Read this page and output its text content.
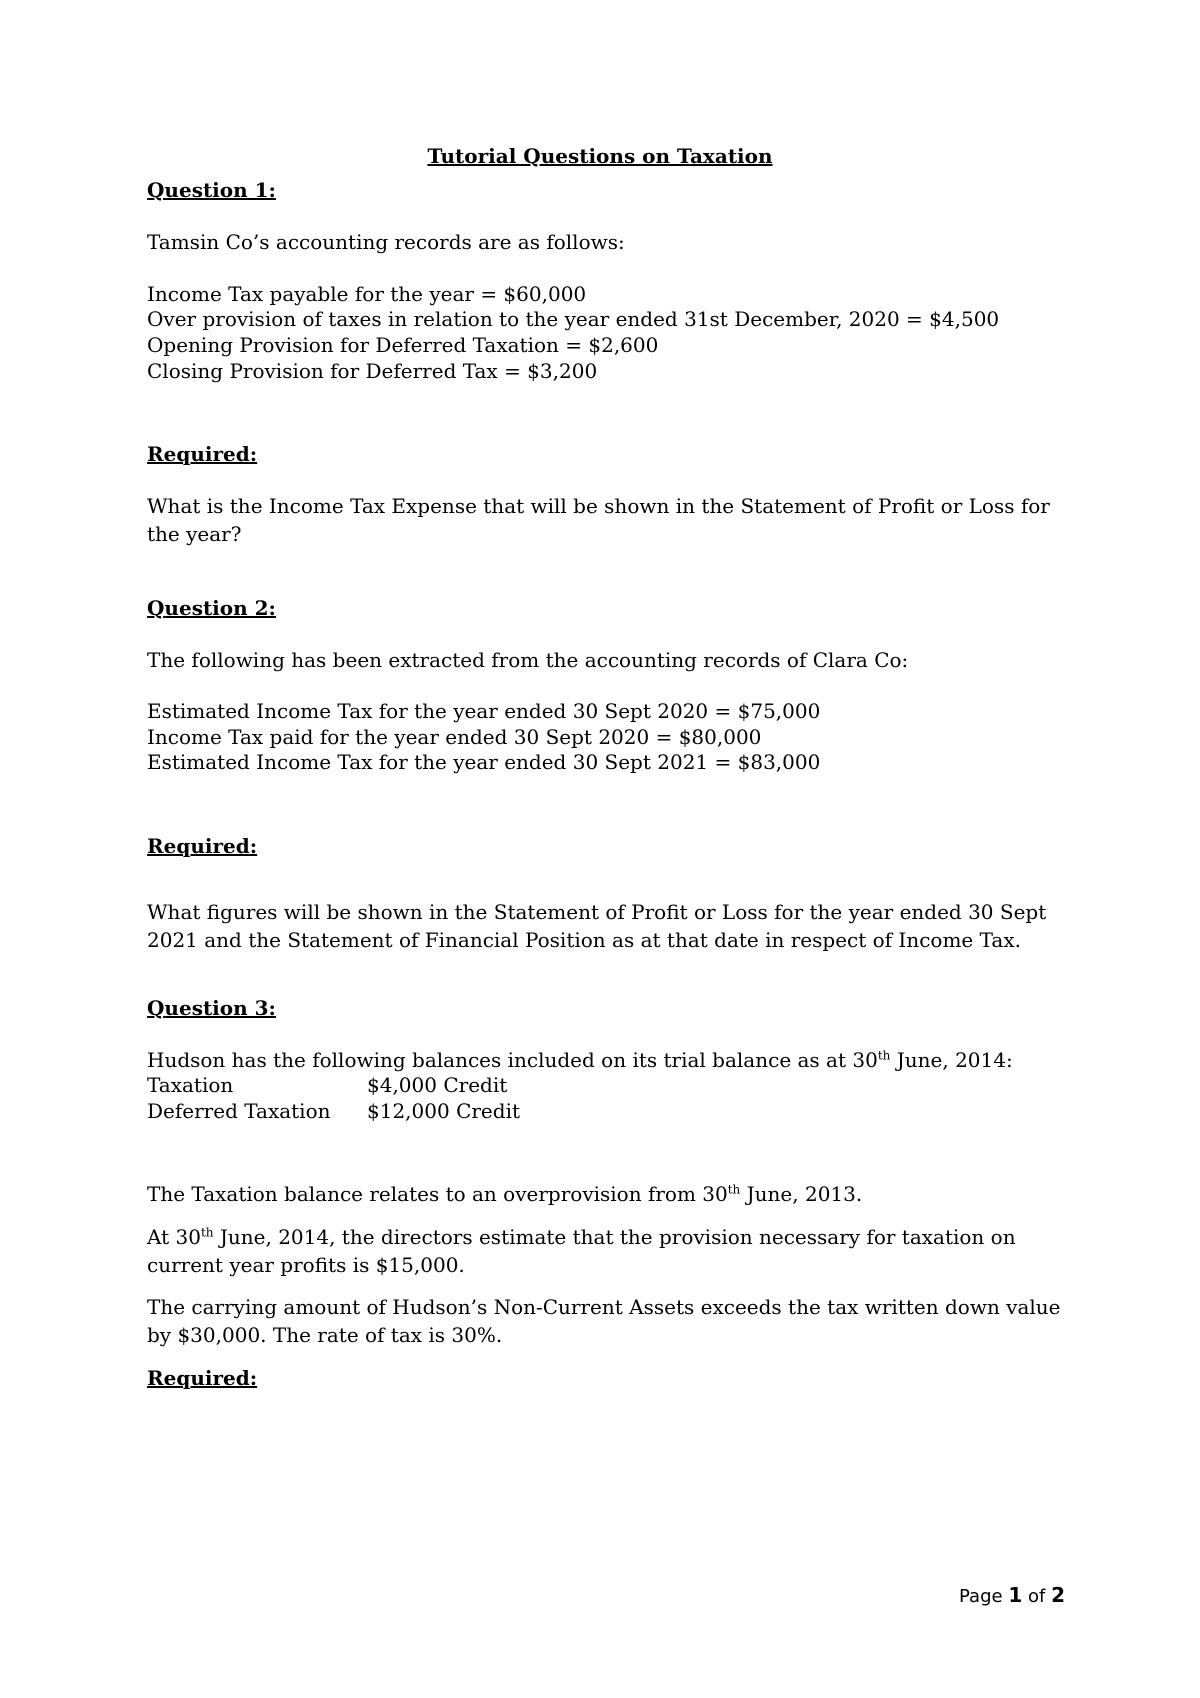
Tutorial Questions on Taxation
Question 1:
Tamsin Co’s accounting records are as follows:
Income Tax payable for the year = $60,000
Over provision of taxes in relation to the year ended 31st December, 2020 = $4,500
Opening Provision for Deferred Taxation = $2,600
Closing Provision for Deferred Tax = $3,200
Required:
What is the Income Tax Expense that will be shown in the Statement of Profit or Loss for the year?
Question 2:
The following has been extracted from the accounting records of Clara Co:
Estimated Income Tax for the year ended 30 Sept 2020 = $75,000
Income Tax paid for the year ended 30 Sept 2020 = $80,000
Estimated Income Tax for the year ended 30 Sept 2021 = $83,000
Required:
What figures will be shown in the Statement of Profit or Loss for the year ended 30 Sept 2021 and the Statement of Financial Position as at that date in respect of Income Tax.
Question 3:
Hudson has the following balances included on its trial balance as at 30th June, 2014:
Taxation	$4,000 Credit
Deferred Taxation $12,000 Credit
The Taxation balance relates to an overprovision from 30th June, 2013.
At 30th June, 2014, the directors estimate that the provision necessary for taxation on current year profits is $15,000.
The carrying amount of Hudson’s Non-Current Assets exceeds the tax written down value by $30,000. The rate of tax is 30%.
Required:
Page 1 of 2
